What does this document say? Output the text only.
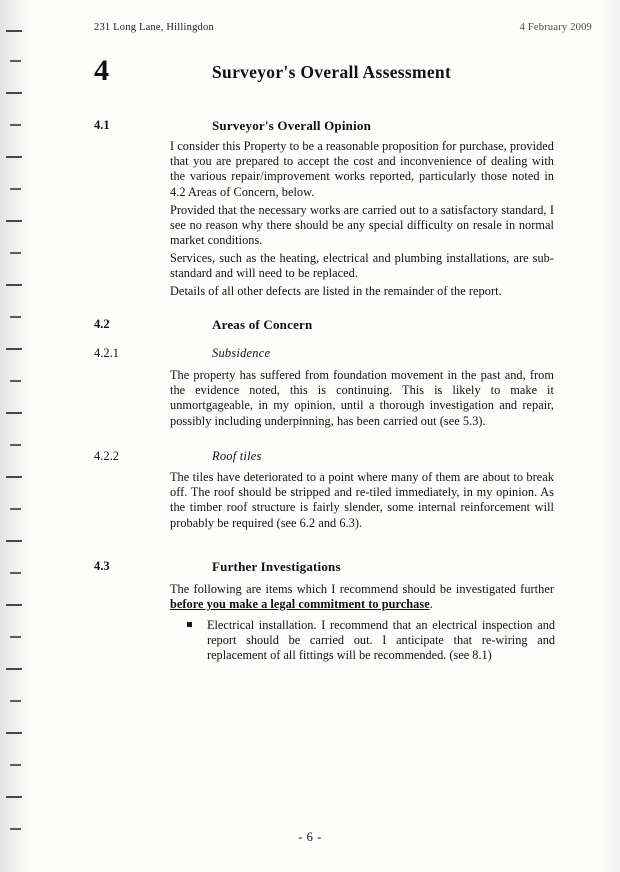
231 Long Lane, Hillingdon	4 February 2009
4	Surveyor's Overall Assessment
4.1	Surveyor's Overall Opinion
I consider this Property to be a reasonable proposition for purchase, provided that you are prepared to accept the cost and inconvenience of dealing with the various repair/improvement works reported, particularly those noted in 4.2 Areas of Concern, below.
Provided that the necessary works are carried out to a satisfactory standard, I see no reason why there should be any special difficulty on resale in normal market conditions.
Services, such as the heating, electrical and plumbing installations, are sub-standard and will need to be replaced.
Details of all other defects are listed in the remainder of the report.
4.2	Areas of Concern
4.2.1	Subsidence
The property has suffered from foundation movement in the past and, from the evidence noted, this is continuing. This is likely to make it unmortgageable, in my opinion, until a thorough investigation and repair, possibly including underpinning, has been carried out (see 5.3).
4.2.2	Roof tiles
The tiles have deteriorated to a point where many of them are about to break off. The roof should be stripped and re-tiled immediately, in my opinion. As the timber roof structure is fairly slender, some internal reinforcement will probably be required (see 6.2 and 6.3).
4.3	Further Investigations
The following are items which I recommend should be investigated further before you make a legal commitment to purchase.
Electrical installation. I recommend that an electrical inspection and report should be carried out. I anticipate that re-wiring and replacement of all fittings will be recommended. (see 8.1)
- 6 -
